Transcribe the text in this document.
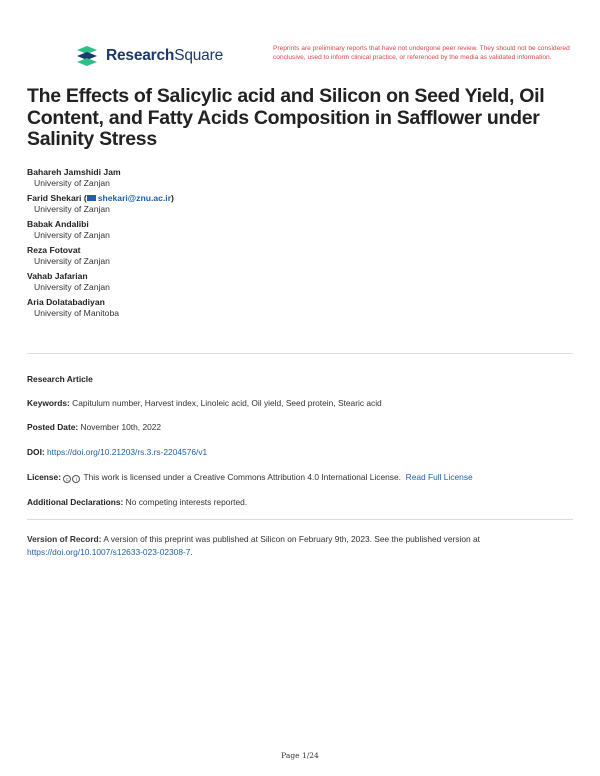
ResearchSquare	Preprints are preliminary reports that have not undergone peer review. They should not be considered conclusive, used to inform clinical practice, or referenced by the media as validated information.
The Effects of Salicylic acid and Silicon on Seed Yield, Oil Content, and Fatty Acids Composition in Safflower under Salinity Stress
Bahareh Jamshidi Jam
University of Zanjan
Farid Shekari ( shekari@znu.ac.ir)
University of Zanjan
Babak Andalibi
University of Zanjan
Reza Fotovat
University of Zanjan
Vahab Jafarian
University of Zanjan
Aria Dolatabadiyan
University of Manitoba
Research Article
Keywords: Capitulum number, Harvest index, Linoleic acid, Oil yield, Seed protein, Stearic acid
Posted Date: November 10th, 2022
DOI: https://doi.org/10.21203/rs.3.rs-2204576/v1
License: c i This work is licensed under a Creative Commons Attribution 4.0 International License. Read Full License
Additional Declarations: No competing interests reported.
Version of Record: A version of this preprint was published at Silicon on February 9th, 2023. See the published version at https://doi.org/10.1007/s12633-023-02308-7.
Page 1/24
